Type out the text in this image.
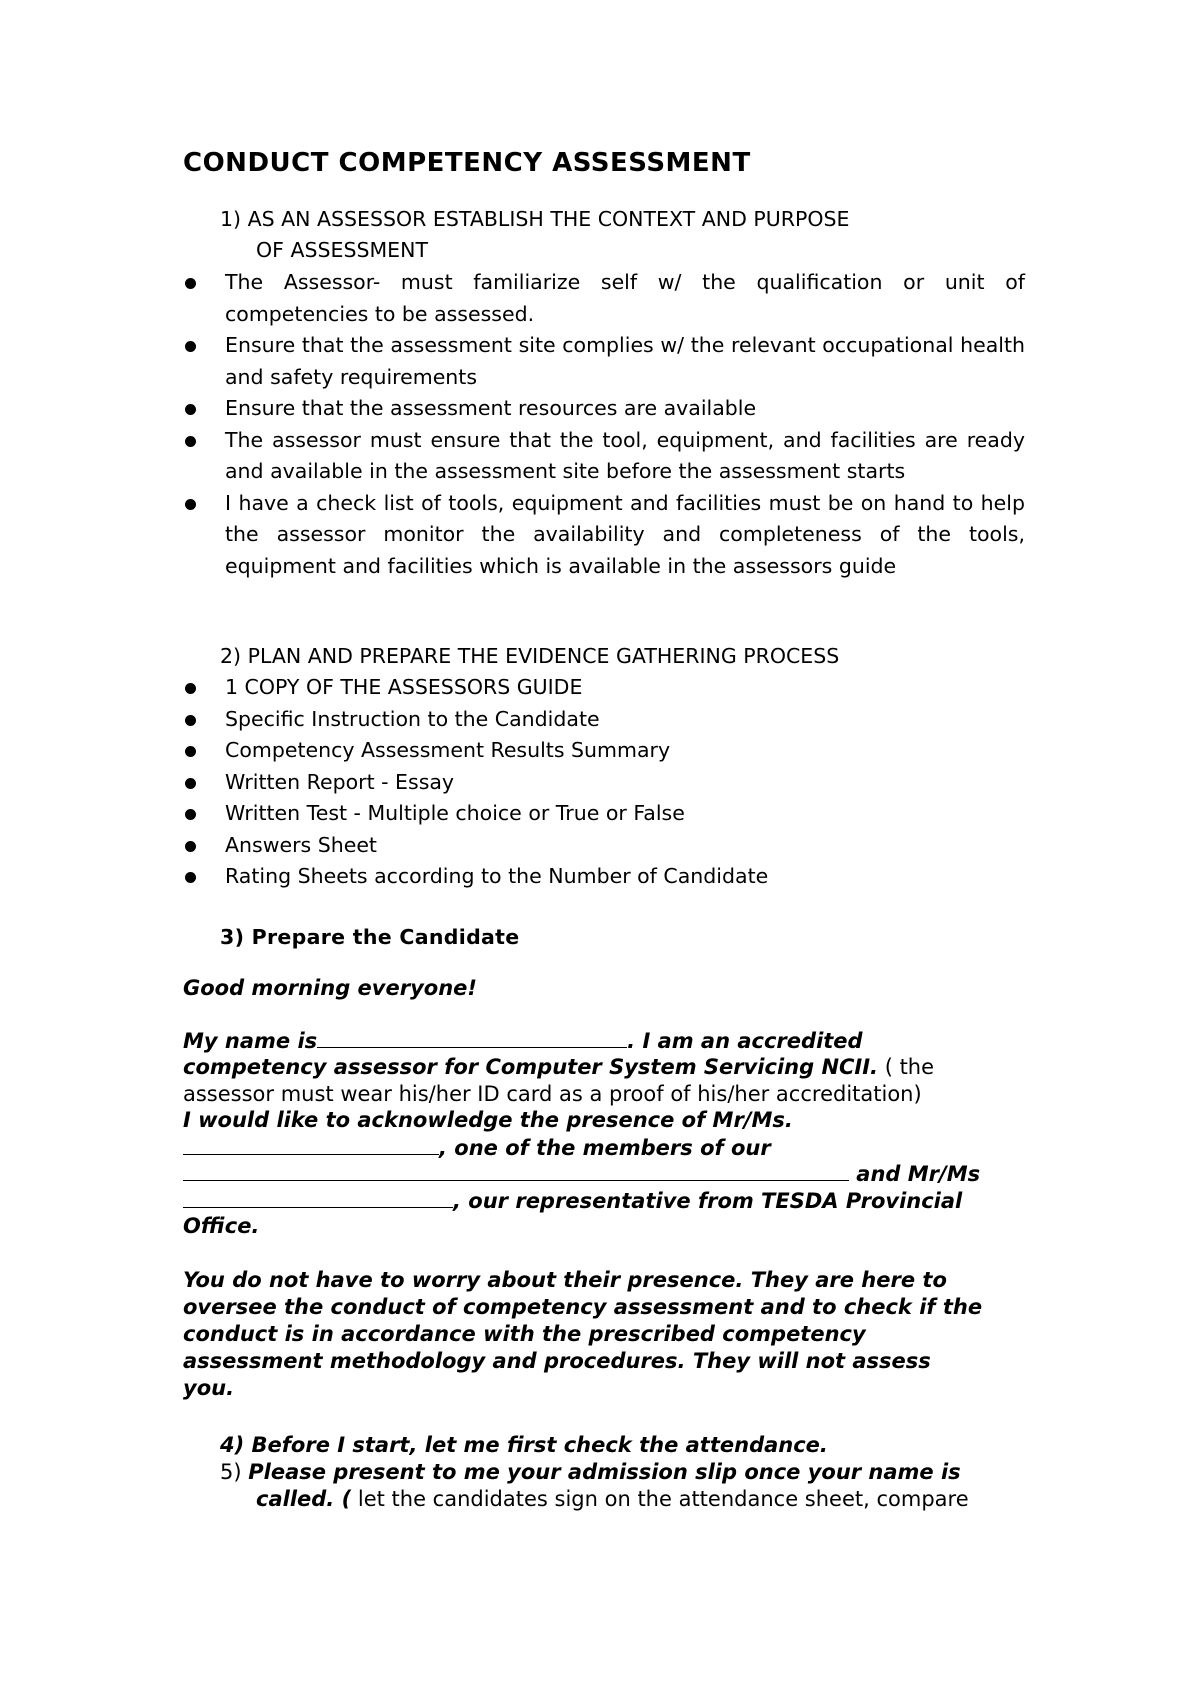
CONDUCT COMPETENCY ASSESSMENT

1) AS AN ASSESSOR ESTABLISH THE CONTEXT AND PURPOSE

OF ASSESSMENT

The Assessor- must familiarize self w/ the qualification or unit of competencies to be assessed.
Ensure that the assessment site complies w/ the relevant occupational health and safety requirements
Ensure that the assessment resources are available
The assessor must ensure that the tool, equipment, and facilities are ready and available in the assessment site before the assessment starts
I have a check list of tools, equipment and facilities must be on hand to help the assessor monitor the availability and completeness of the tools, equipment and facilities which is available in the assessors guide

2) PLAN AND PREPARE THE EVIDENCE GATHERING PROCESS

1 COPY OF THE ASSESSORS GUIDE
Specific Instruction to the Candidate
Competency Assessment Results Summary
Written Report - Essay
Written Test - Multiple choice or True or False
Answers Sheet
Rating Sheets according to the Number of Candidate

3) Prepare the Candidate

Good morning everyone!

My name is	. I am an accredited

competency assessor for Computer System Servicing NCII. ( the

assessor must wear his/her ID card as a proof of his/her accreditation)

I would like to acknowledge the presence of Mr/Ms.

, one of the members of our

and Mr/Ms

, our representative from TESDA Provincial

Office.

You do not have to worry about their presence. They are here to
oversee the conduct of competency assessment and to check if the
conduct is in accordance with the prescribed competency
assessment methodology and procedures. They will not assess
you.

4) Before I start, let me first check the attendance.

5) Please present to me your admission slip once your name is

called. ( let the candidates sign on the attendance sheet, compare
